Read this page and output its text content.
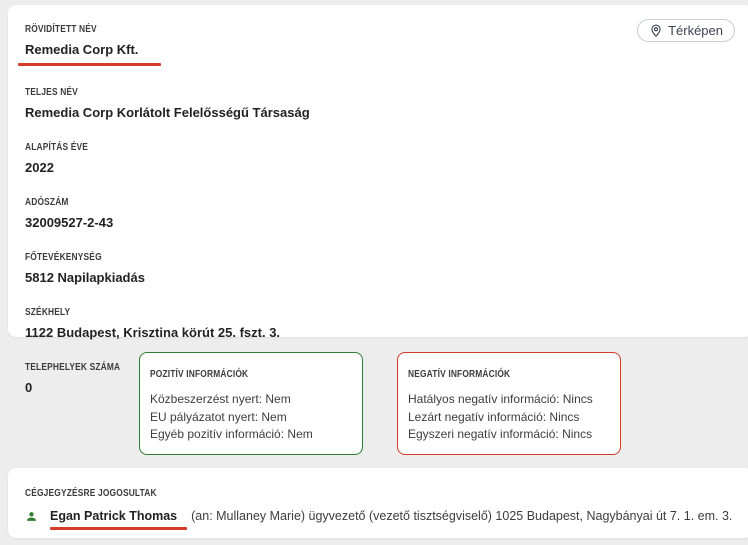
Térképen
RÖVIDÍTETT NÉV
Remedia Corp Kft.
TELJES NÉV
Remedia Corp Korlátolt Felelősségű Társaság
ALAPÍTÁS ÉVE
2022
ADÓSZÁM
32009527-2-43
FŐTEVÉKENYSÉG
5812 Napilapkiadás
SZÉKHELY
1122 Budapest, Krisztina körút 25. fszt. 3.
TELEPHELYEK SZÁMA
0
POZITÍV INFORMÁCIÓK
Közbeszerzést nyert: Nem
EU pályázatot nyert: Nem
Egyéb pozitív információ: Nem
NEGATÍV INFORMÁCIÓK
Hatályos negatív információ: Nincs
Lezárt negatív információ: Nincs
Egyszeri negatív információ: Nincs
CÉGJEGYZÉSRE JOGOSULTAK
Egan Patrick Thomas (an: Mullaney Marie) ügyvezető (vezető tisztségviselő) 1025 Budapest, Nagybányai út 7. 1. em. 3.
